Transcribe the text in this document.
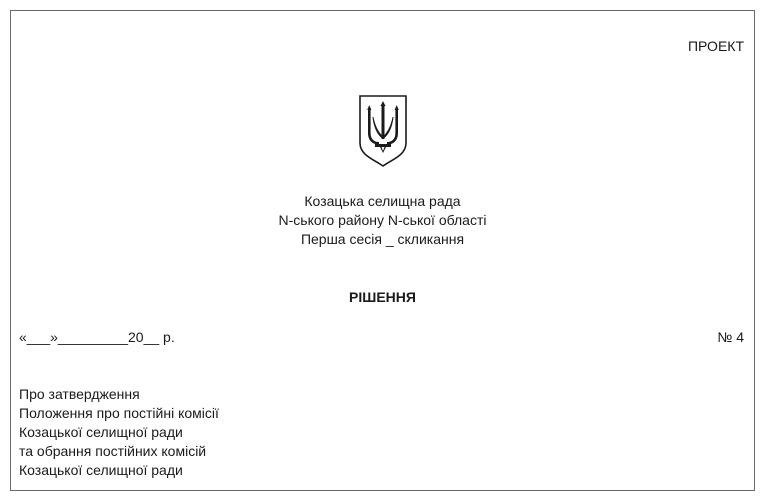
ПРОЕКТ
Козацька селищна рада
N-ського району N-ської області
Перша сесія _ скликання
РІШЕННЯ
«___»_________20__ р.	№ 4
Про затвердження
Положення про постійні комісії
Козацької селищної ради
та обрання постійних комісій
Козацької селищної ради
